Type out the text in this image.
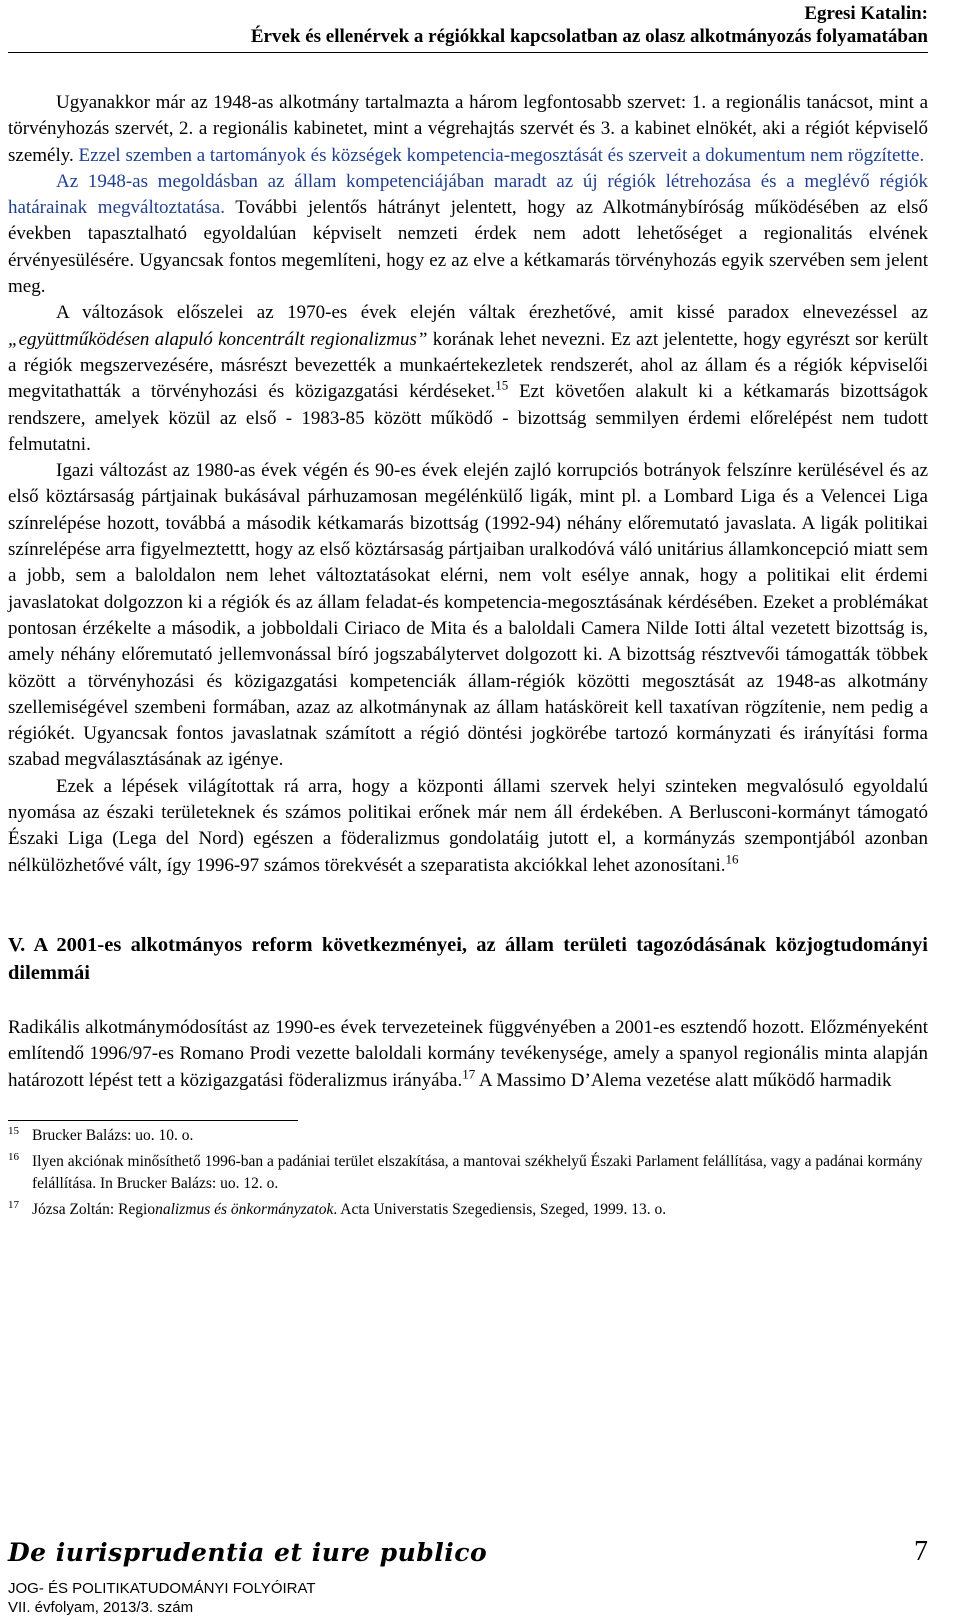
Egresi Katalin:
Érvek és ellenérvek a régiókkal kapcsolatban az olasz alkotmányozás folyamatában

Ugyanakkor már az 1948-as alkotmány tartalmazta a három legfontosabb szervet: 1. a regionális tanácsot, mint a törvényhozás szervét, 2. a regionális kabinetet, mint a végrehajtás szervét és 3. a kabinet elnökét, aki a régiót képviselő személy. Ezzel szemben a tartományok és községek kompetencia-megosztását és szerveit a dokumentum nem rögzítette.

Az 1948-as megoldásban az állam kompetenciájában maradt az új régiók létrehozása és a meglévő régiók határainak megváltoztatása. További jelentős hátrányt jelentett, hogy az Alkotmánybíróság működésében az első években tapasztalható egyoldalúan képviselt nemzeti érdek nem adott lehetőséget a regionalitás elvének érvényesülésére. Ugyancsak fontos megemlíteni, hogy ez az elve a kétkamarás törvényhozás egyik szervében sem jelent meg.

A változások előszelei az 1970-es évek elején váltak érezhetővé, amit kissé paradox elnevezéssel az „együttműködésen alapuló koncentrált regionalizmus” korának lehet nevezni. Ez azt jelentette, hogy egyrészt sor került a régiók megszervezésére, másrészt bevezették a munkaértekezletek rendszerét, ahol az állam és a régiók képviselői megvitathatták a törvényhozási és közigazgatási kérdéseket.$^{15}$ Ezt követően alakult ki a kétkamarás bizottságok rendszere, amelyek közül az első - 1983-85 között működő - bizottság semmilyen érdemi előrelépést nem tudott felmutatni.

Igazi változást az 1980-as évek végén és 90-es évek elején zajló korrupciós botrányok felszínre kerülésével és az első köztársaság pártjainak bukásával párhuzamosan megélénkülő ligák, mint pl. a Lombard Liga és a Velencei Liga színrelépése hozott, továbbá a második kétkamarás bizottság (1992-94) néhány előremutató javaslata. A ligák politikai színrelépése arra figyelmeztettt, hogy az első köztársaság pártjaiban uralkodóvá váló unitárius államkoncepció miatt sem a jobb, sem a baloldalon nem lehet változtatásokat elérni, nem volt esélye annak, hogy a politikai elit érdemi javaslatokat dolgozzon ki a régiók és az állam feladat-és kompetencia-megosztásának kérdésében. Ezeket a problémákat pontosan érzékelte a második, a jobboldali Ciriaco de Mita és a baloldali Camera Nilde Iotti által vezetett bizottság is, amely néhány előremutató jellemvonással bíró jogszabálytervet dolgozott ki. A bizottság résztvevői támogatták többek között a törvényhozási és közigazgatási kompetenciák állam-régiók közötti megosztását az 1948-as alkotmány szellemiségével szembeni formában, azaz az alkotmánynak az állam hatásköreit kell taxatívan rögzítenie, nem pedig a régiókét. Ugyancsak fontos javaslatnak számított a régió döntési jogkörébe tartozó kormányzati és irányítási forma szabad megválasztásának az igénye.

Ezek a lépések világítottak rá arra, hogy a központi állami szervek helyi szinteken megvalósuló egyoldalú nyomása az északi területeknek és számos politikai erőnek már nem áll érdekében. A Berlusconi-kormányt támogató Északi Liga (Lega del Nord) egészen a föderalizmus gondolatáig jutott el, a kormányzás szempontjából azonban nélkülözhetővé vált, így 1996-97 számos törekvését a szeparatista akciókkal lehet azonosítani.$^{16}$

V. A 2001-es alkotmányos reform következményei, az állam területi tagozódásának közjogtudományi dilemmái

Radikális alkotmánymódosítást az 1990-es évek tervezeteinek függvényében a 2001-es esztendő hozott. Előzményeként említendő 1996/97-es Romano Prodi vezette baloldali kormány tevékenysége, amely a spanyol regionális minta alapján határozott lépést tett a közigazgatási föderalizmus irányába.$^{17}$ A Massimo D’Alema vezetése alatt működő harmadik

$^{15}$ Brucker Balázs: uo. 10. o.

$^{16}$ Ilyen akciónak minősíthető 1996-ban a padániai terület elszakítása, a mantovai székhelyű Északi Parlament felállítása, vagy a padánai kormány felállítása. In Brucker Balázs: uo. 12. o.

$^{17}$ Józsa Zoltán: Regionalizmus és önkormányzatok. Acta Universtatis Szegediensis, Szeged, 1999. 13. o.

De iurisprudentia et iure publico	7
JOG- ÉS POLITIKATUDOMÁNYI FOLYÓIRAT
VII. évfolyam, 2013/3. szám
